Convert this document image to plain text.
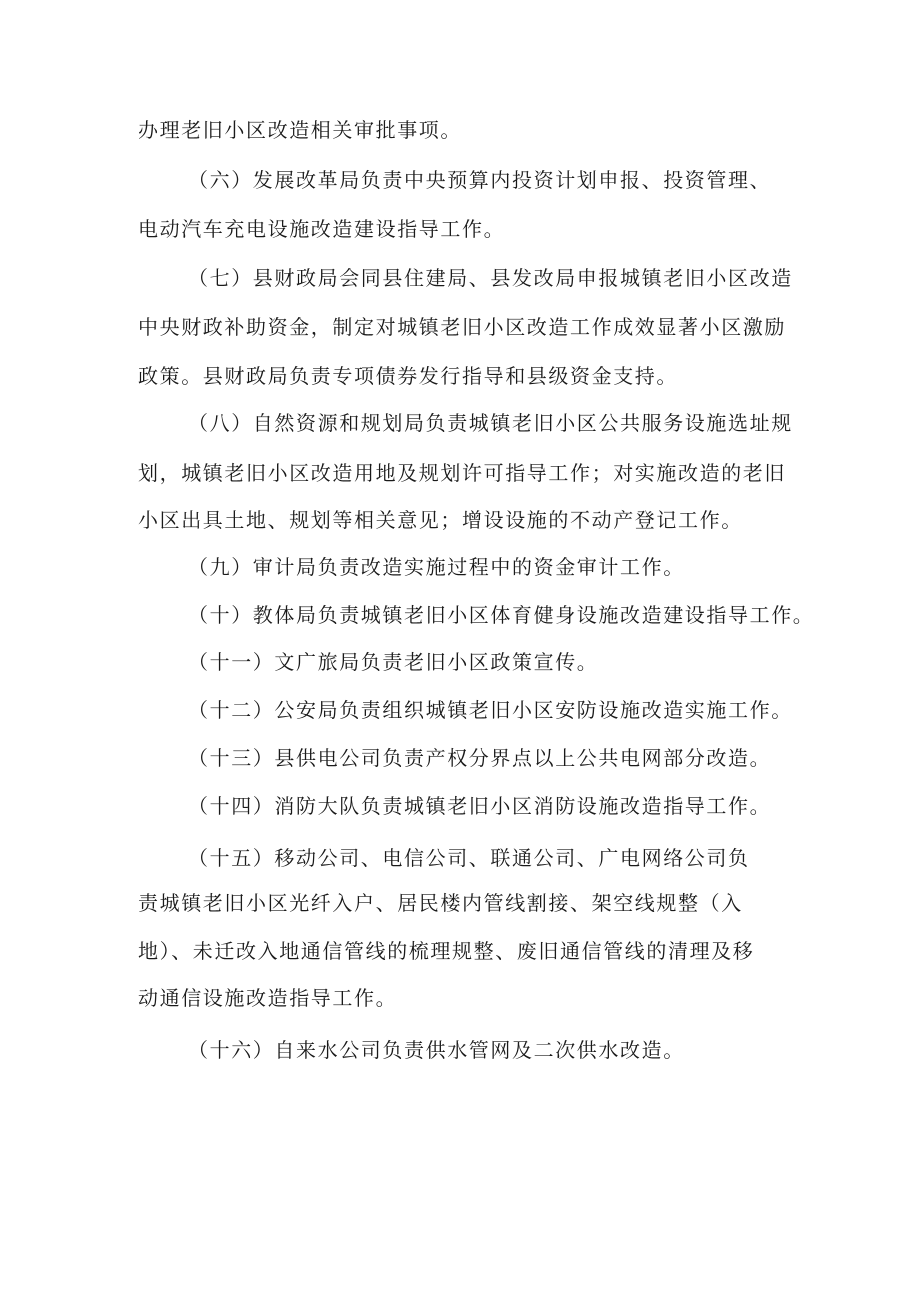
办理老旧小区改造相关审批事项。
（六）发展改革局负责中央预算内投资计划申报、投资管理、
电动汽车充电设施改造建设指导工作。
（七）县财政局会同县住建局、县发改局申报城镇老旧小区改造
中央财政补助资金，制定对城镇老旧小区改造工作成效显著小区激励
政策。县财政局负责专项债券发行指导和县级资金支持。
（八）自然资源和规划局负责城镇老旧小区公共服务设施选址规
划，城镇老旧小区改造用地及规划许可指导工作；对实施改造的老旧
小区出具土地、规划等相关意见；增设设施的不动产登记工作。
（九）审计局负责改造实施过程中的资金审计工作。
（十）教体局负责城镇老旧小区体育健身设施改造建设指导工作。
（十一）文广旅局负责老旧小区政策宣传。
（十二）公安局负责组织城镇老旧小区安防设施改造实施工作。
（十三）县供电公司负责产权分界点以上公共电网部分改造。
（十四）消防大队负责城镇老旧小区消防设施改造指导工作。
（十五）移动公司、电信公司、联通公司、广电网络公司负
责城镇老旧小区光纤入户、居民楼内管线割接、架空线规整（入
地）、未迁改入地通信管线的梳理规整、废旧通信管线的清理及移
动通信设施改造指导工作。
（十六）自来水公司负责供水管网及二次供水改造。
